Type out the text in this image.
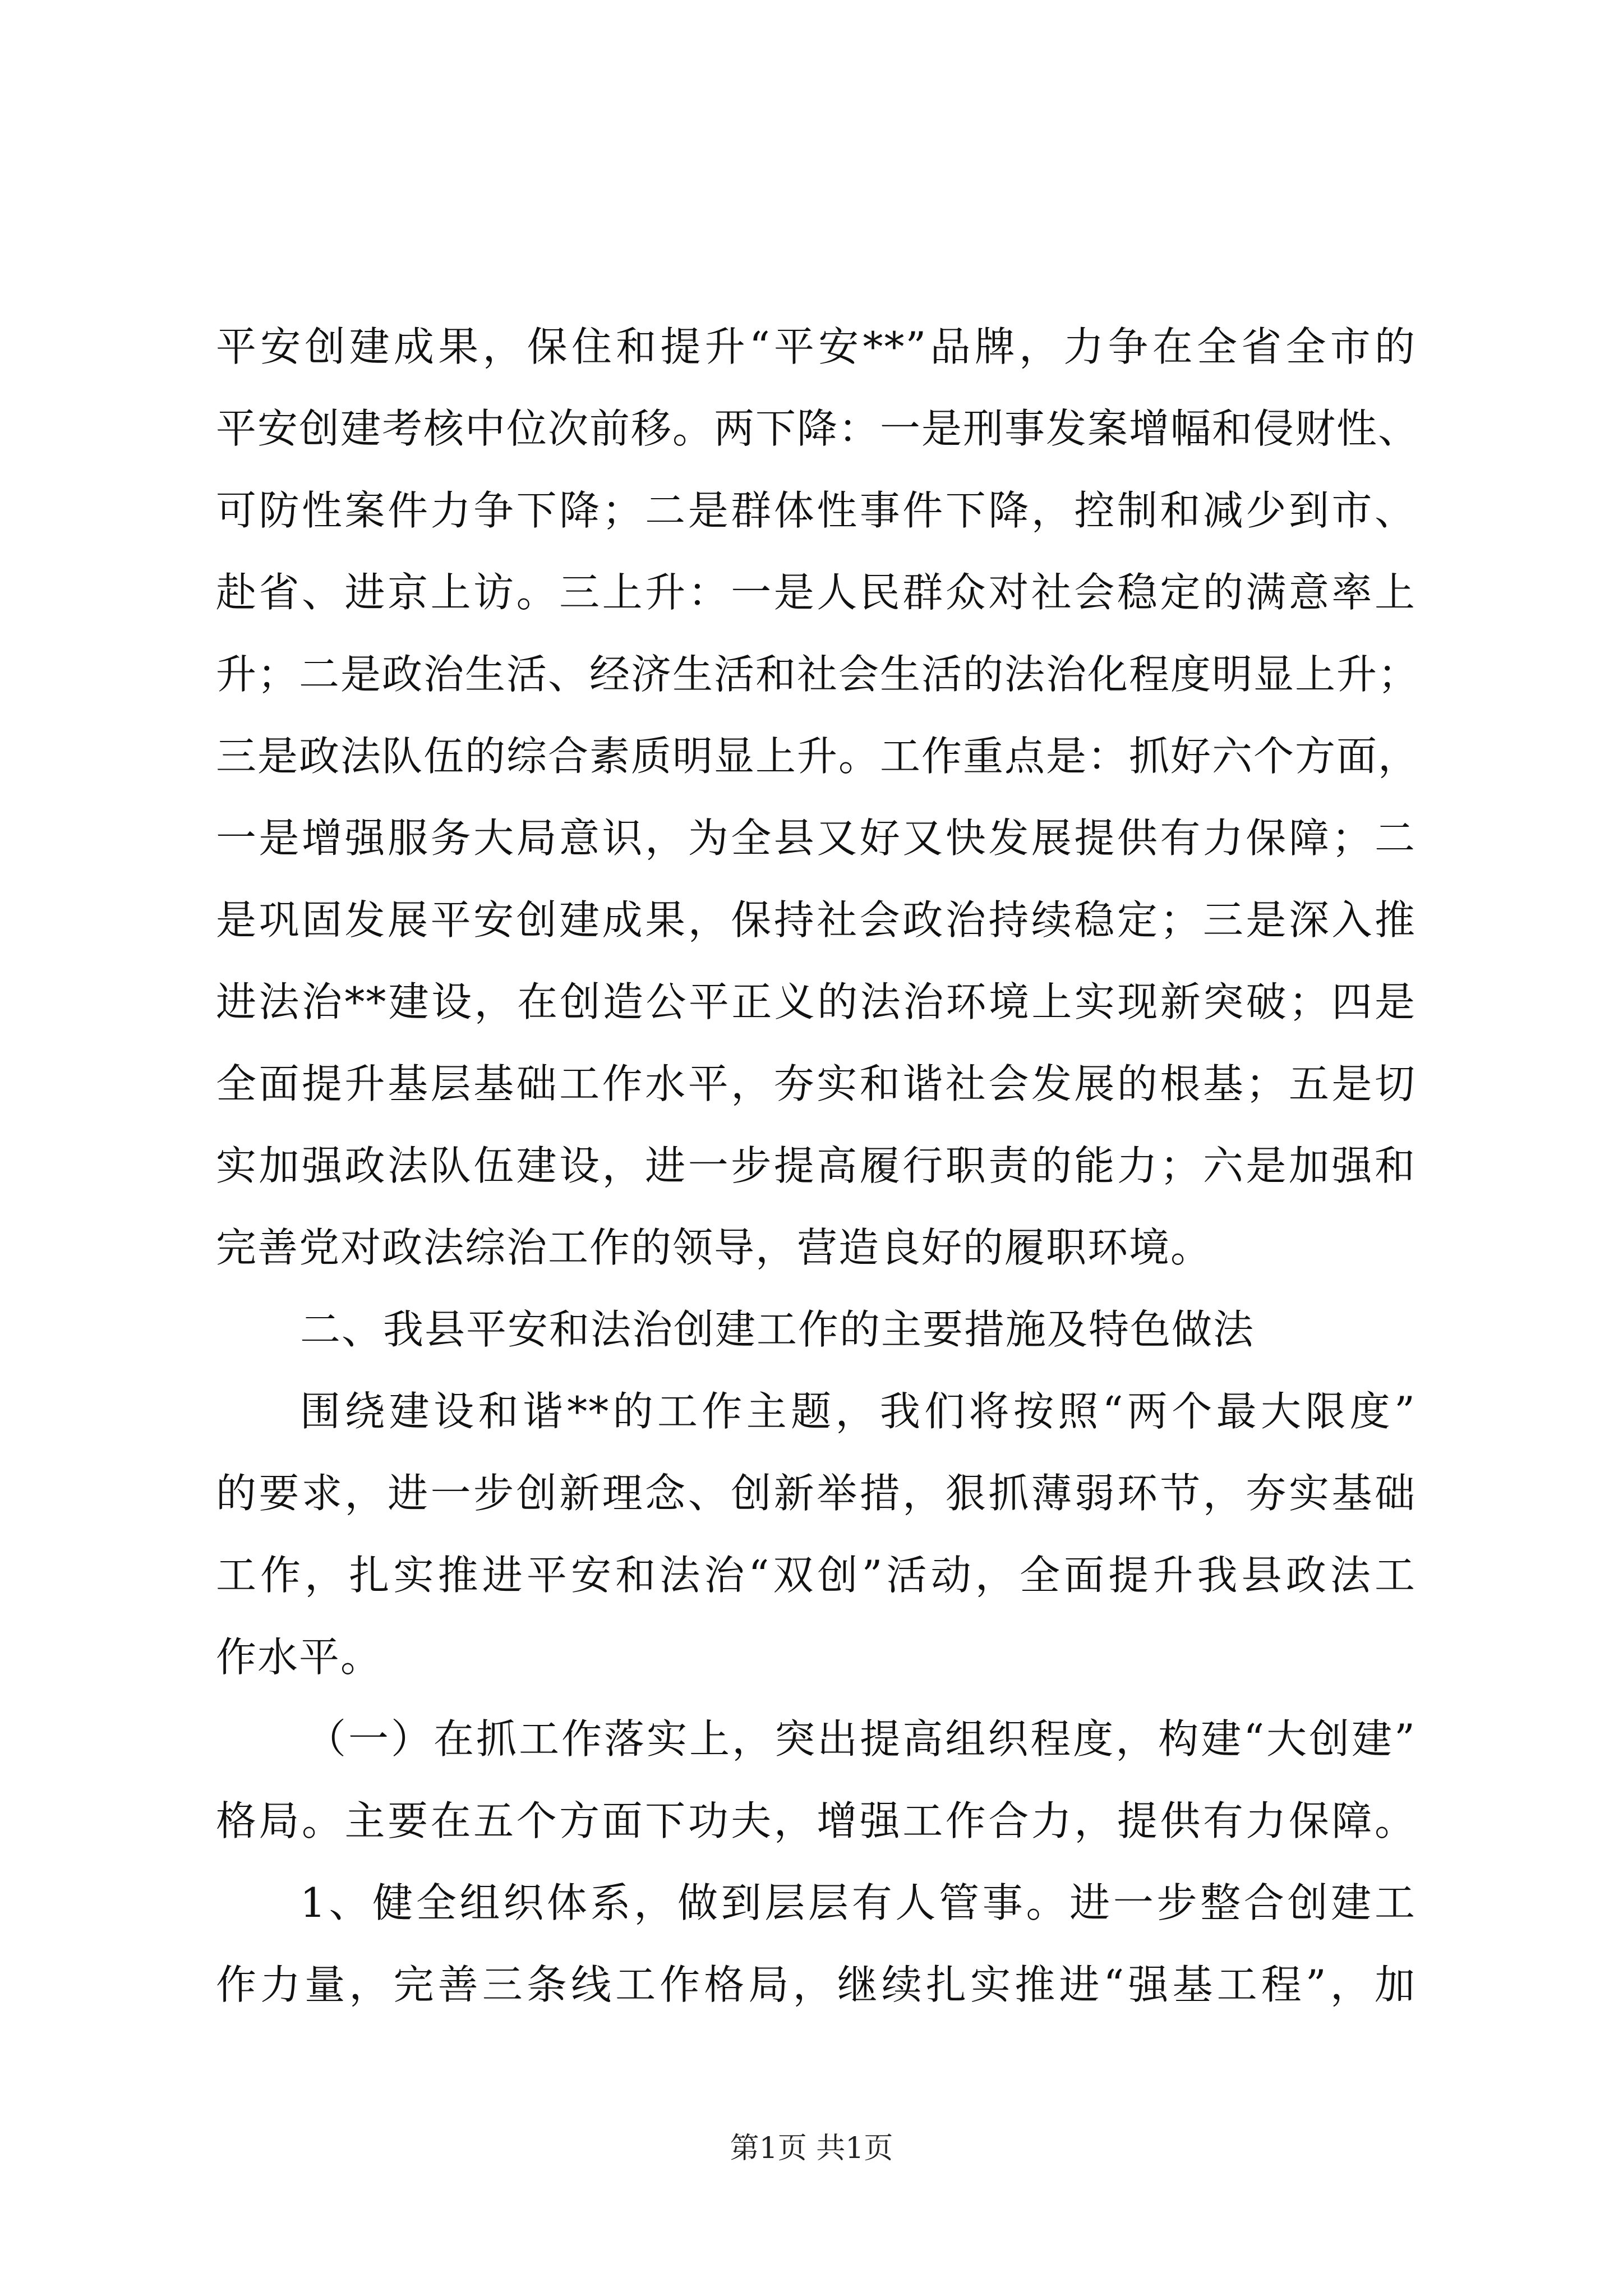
平安创建成果，保住和提升“平安**”品牌，力争在全省全市的
平安创建考核中位次前移。两下降：一是刑事发案增幅和侵财性、
可防性案件力争下降；二是群体性事件下降，控制和减少到市、
赴省、进京上访。三上升：一是人民群众对社会稳定的满意率上
升；二是政治生活、经济生活和社会生活的法治化程度明显上升；
三是政法队伍的综合素质明显上升。工作重点是：抓好六个方面，
一是增强服务大局意识，为全县又好又快发展提供有力保障；二
是巩固发展平安创建成果，保持社会政治持续稳定；三是深入推
进法治**建设，在创造公平正义的法治环境上实现新突破；四是
全面提升基层基础工作水平，夯实和谐社会发展的根基；五是切
实加强政法队伍建设，进一步提高履行职责的能力；六是加强和
完善党对政法综治工作的领导，营造良好的履职环境。
二、我县平安和法治创建工作的主要措施及特色做法
围绕建设和谐**的工作主题，我们将按照“两个最大限度”
的要求，进一步创新理念、创新举措，狠抓薄弱环节，夯实基础
工作，扎实推进平安和法治“双创”活动，全面提升我县政法工
作水平。
（一）在抓工作落实上，突出提高组织程度，构建“大创建”
格局。主要在五个方面下功夫，增强工作合力，提供有力保障。
1、健全组织体系，做到层层有人管事。进一步整合创建工
作力量，完善三条线工作格局，继续扎实推进“强基工程”，加
第1页 共1页
